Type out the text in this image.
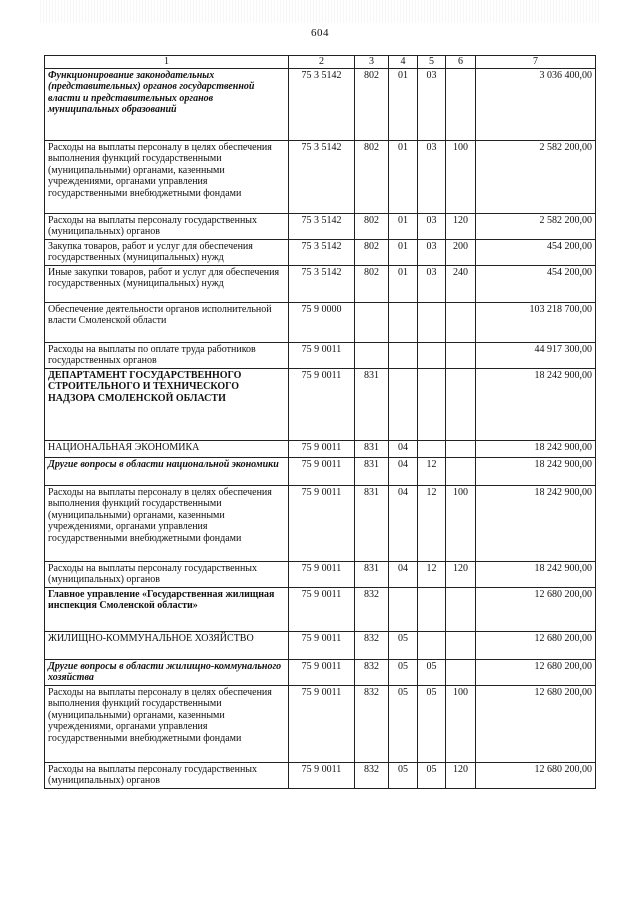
604
1	2	3	4	5	6	7
Функционирование законодательных (представительных) органов государственной власти и представительных органов муниципальных образований	75 3 5142	802	01	03		3 036 400,00
Расходы на выплаты персоналу в целях обеспечения выполнения функций государственными (муниципальными) органами, казенными учреждениями, органами управления государственными внебюджетными фондами	75 3 5142	802	01	03	100	2 582 200,00
Расходы на выплаты персоналу государственных (муниципальных) органов	75 3 5142	802	01	03	120	2 582 200,00
Закупка товаров, работ и услуг для обеспечения государственных (муниципальных) нужд	75 3 5142	802	01	03	200	454 200,00
Иные закупки товаров, работ и услуг для обеспечения государственных (муниципальных) нужд	75 3 5142	802	01	03	240	454 200,00
Обеспечение деятельности органов исполнительной власти Смоленской области	75 9 0000					103 218 700,00
Расходы на выплаты по оплате труда работников государственных органов	75 9 0011					44 917 300,00
ДЕПАРТАМЕНТ ГОСУДАРСТВЕННОГО СТРОИТЕЛЬНОГО И ТЕХНИЧЕСКОГО НАДЗОРА СМОЛЕНСКОЙ ОБЛАСТИ	75 9 0011	831				18 242 900,00
НАЦИОНАЛЬНАЯ ЭКОНОМИКА	75 9 0011	831	04			18 242 900,00
Другие вопросы в области национальной экономики	75 9 0011	831	04	12		18 242 900,00
Расходы на выплаты персоналу в целях обеспечения выполнения функций государственными (муниципальными) органами, казенными учреждениями, органами управления государственными внебюджетными фондами	75 9 0011	831	04	12	100	18 242 900,00
Расходы на выплаты персоналу государственных (муниципальных) органов	75 9 0011	831	04	12	120	18 242 900,00
Главное управление «Государственная жилищная инспекция Смоленской области»	75 9 0011	832				12 680 200,00
ЖИЛИЩНО-КОММУНАЛЬНОЕ ХОЗЯЙСТВО	75 9 0011	832	05			12 680 200,00
Другие вопросы в области жилищно-коммунального хозяйства	75 9 0011	832	05	05		12 680 200,00
Расходы на выплаты персоналу в целях обеспечения выполнения функций государственными (муниципальными) органами, казенными учреждениями, органами управления государственными внебюджетными фондами	75 9 0011	832	05	05	100	12 680 200,00
Расходы на выплаты персоналу государственных (муниципальных) органов	75 9 0011	832	05	05	120	12 680 200,00
